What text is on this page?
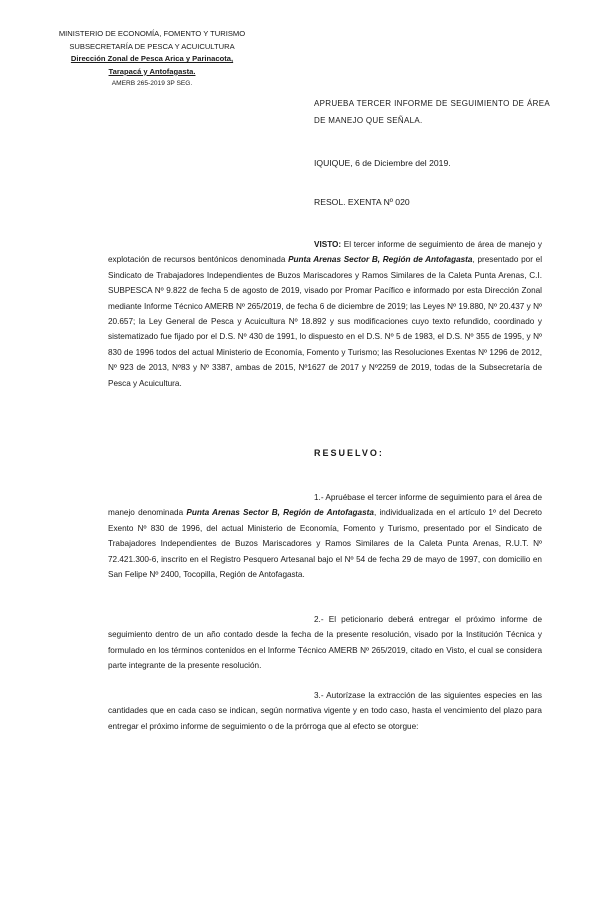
MINISTERIO DE ECONOMÍA, FOMENTO Y TURISMO
SUBSECRETARÍA DE PESCA Y ACUICULTURA
Dirección Zonal de Pesca Arica y Parinacota,
Tarapacá y Antofagasta.
AMERB 265-2019 3P SEG.
APRUEBA TERCER INFORME DE SEGUIMIENTO DE ÁREA DE MANEJO QUE SEÑALA.
IQUIQUE, 6 de Diciembre del 2019.
RESOL. EXENTA Nº 020
VISTO: El tercer informe de seguimiento de área de manejo y explotación de recursos bentónicos denominada Punta Arenas Sector B, Región de Antofagasta, presentado por el Sindicato de Trabajadores Independientes de Buzos Mariscadores y Ramos Similares de la Caleta Punta Arenas, C.I. SUBPESCA Nº 9.822 de fecha 5 de agosto de 2019, visado por Promar Pacífico e informado por esta Dirección Zonal mediante Informe Técnico AMERB Nº 265/2019, de fecha 6 de diciembre de 2019; las Leyes Nº 19.880, Nº 20.437 y Nº 20.657; la Ley General de Pesca y Acuicultura Nº 18.892 y sus modificaciones cuyo texto refundido, coordinado y sistematizado fue fijado por el D.S. Nº 430 de 1991, lo dispuesto en el D.S. Nº 5 de 1983, el D.S. Nº 355 de 1995, y Nº 830 de 1996 todos del actual Ministerio de Economía, Fomento y Turismo; las Resoluciones Exentas Nº 1296 de 2012, Nº 923 de 2013, Nº83 y Nº 3387, ambas de 2015, Nº1627 de 2017 y Nº2259 de 2019, todas de la Subsecretaría de Pesca y Acuicultura.
RESUELVO:
1.- Apruébase el tercer informe de seguimiento para el área de manejo denominada Punta Arenas Sector B, Región de Antofagasta, individualizada en el artículo 1º del Decreto Exento Nº 830 de 1996, del actual Ministerio de Economía, Fomento y Turismo, presentado por el Sindicato de Trabajadores Independientes de Buzos Mariscadores y Ramos Similares de la Caleta Punta Arenas, R.U.T. Nº 72.421.300-6, inscrito en el Registro Pesquero Artesanal bajo el Nº 54 de fecha 29 de mayo de 1997, con domicilio en San Felipe Nº 2400, Tocopilla, Región de Antofagasta.
2.- El peticionario deberá entregar el próximo informe de seguimiento dentro de un año contado desde la fecha de la presente resolución, visado por la Institución Técnica y formulado en los términos contenidos en el Informe Técnico AMERB Nº 265/2019, citado en Visto, el cual se considera parte integrante de la presente resolución.
3.- Autorízase la extracción de las siguientes especies en las cantidades que en cada caso se indican, según normativa vigente y en todo caso, hasta el vencimiento del plazo para entregar el próximo informe de seguimiento o de la prórroga que al efecto se otorgue:
